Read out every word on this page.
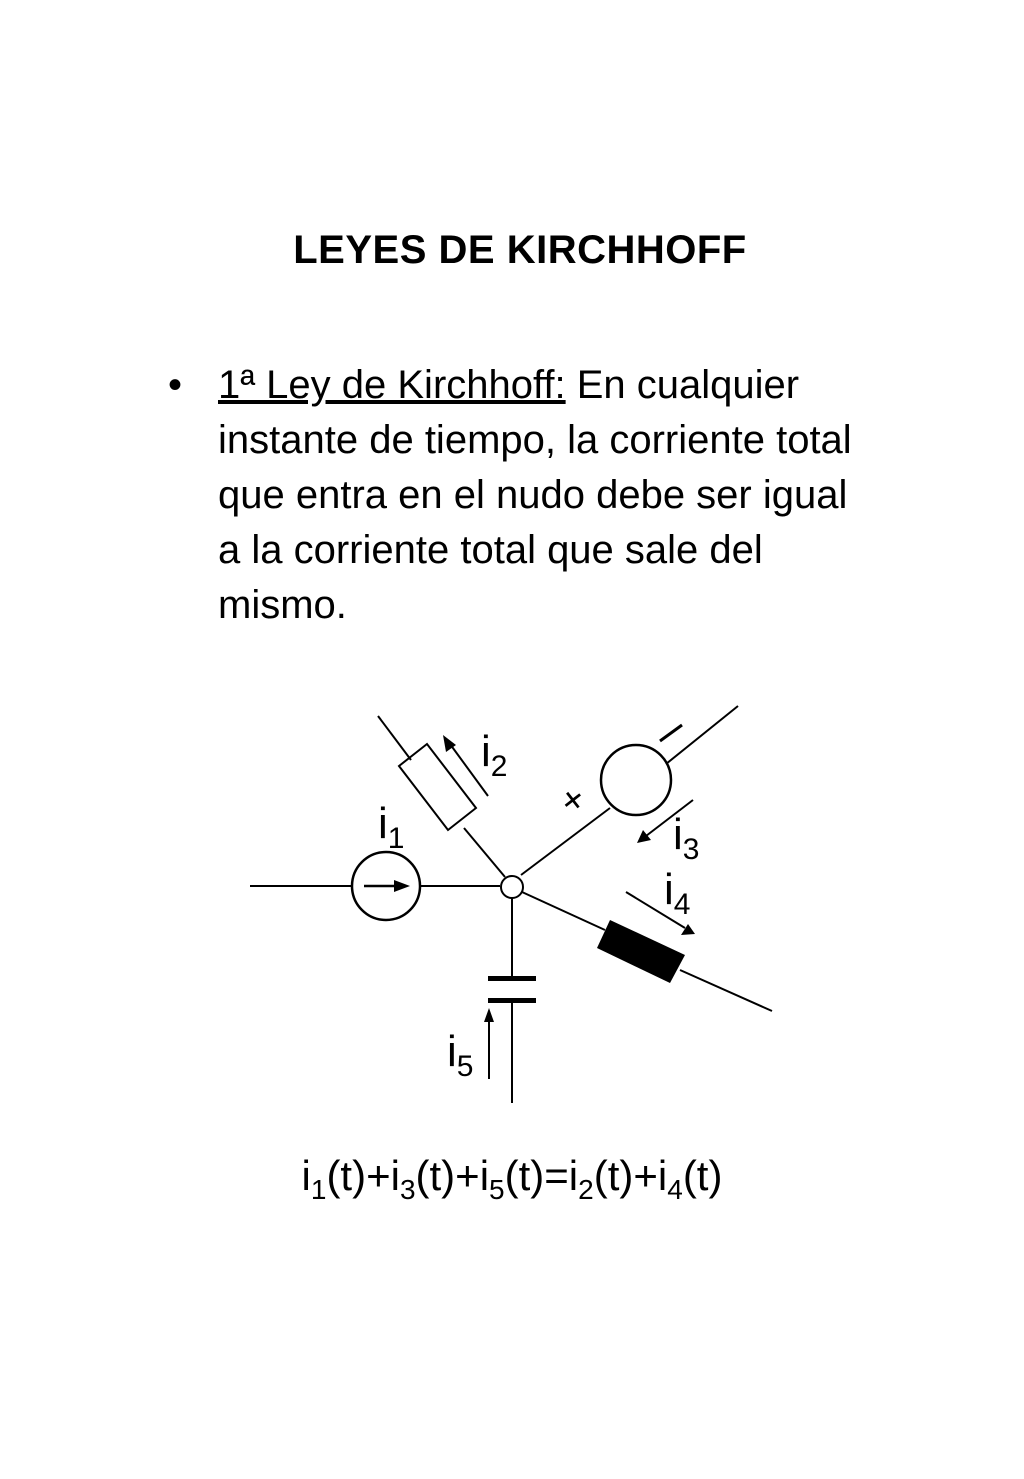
LEYES DE KIRCHHOFF
• 1ª Ley de Kirchhoff: En cualquier instante de tiempo, la corriente total que entra en el nudo debe ser igual a la corriente total que sale del mismo.

+
$i_1$
$i_2$
$i_3$
$i_4$
$i_5$

$i_1(t)+i_3(t)+i_5(t)=i_2(t)+i_4(t)$
